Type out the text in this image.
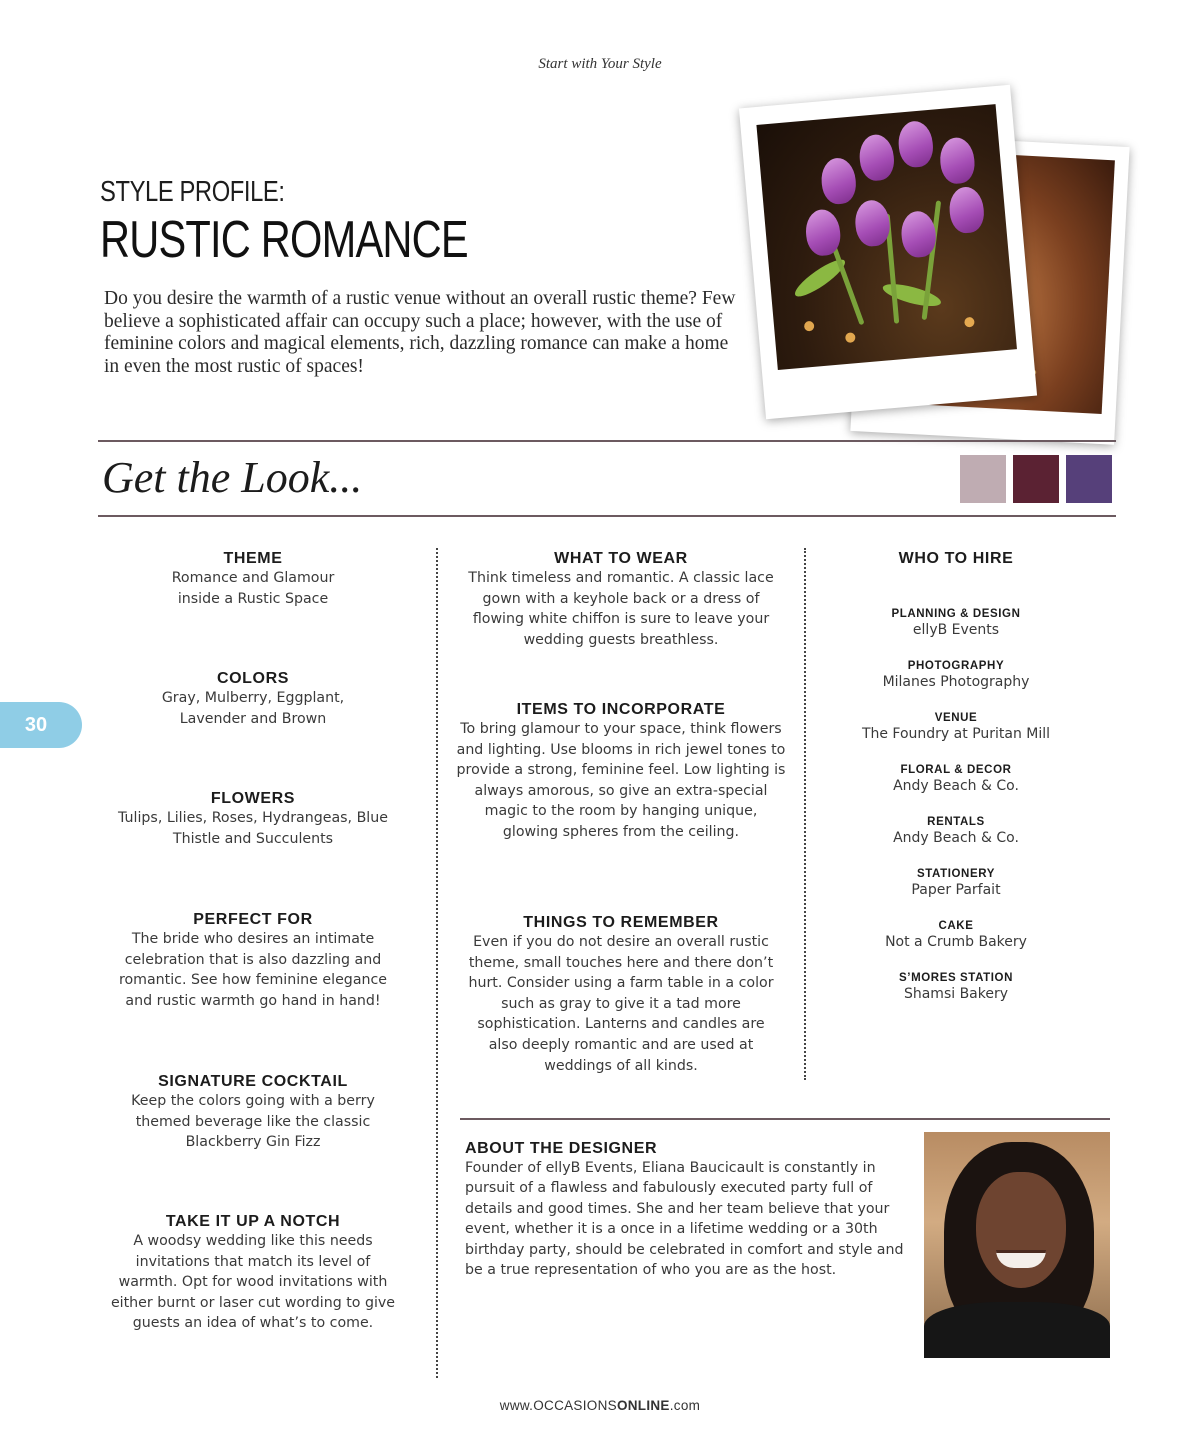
Start with Your Style
STYLE PROFILE:
RUSTIC ROMANCE

Do you desire the warmth of a rustic venue without an overall rustic theme? Few believe a sophisticated affair can occupy such a place; however, with the use of feminine colors and magical elements, rich, dazzling romance can make a home in even the most rustic of spaces!

Get the Look...
THEME

Romance and Glamour inside a Rustic Space

COLORS

Gray, Mulberry, Eggplant, Lavender and Brown

FLOWERS

Tulips, Lilies, Roses, Hydrangeas, Blue Thistle and Succulents

PERFECT FOR

The bride who desires an intimate celebration that is also dazzling and romantic. See how feminine elegance and rustic warmth go hand in hand!

SIGNATURE COCKTAIL

Keep the colors going with a berry themed beverage like the classic Blackberry Gin Fizz

TAKE IT UP A NOTCH

A woodsy wedding like this needs invitations that match its level of warmth. Opt for wood invitations with either burnt or laser cut wording to give guests an idea of what’s to come.

WHAT TO WEAR

Think timeless and romantic. A classic lace gown with a keyhole back or a dress of flowing white chiffon is sure to leave your wedding guests breathless.

ITEMS TO INCORPORATE

To bring glamour to your space, think flowers and lighting. Use blooms in rich jewel tones to provide a strong, feminine feel. Low lighting is always amorous, so give an extra-special magic to the room by hanging unique, glowing spheres from the ceiling.

THINGS TO REMEMBER

Even if you do not desire an overall rustic theme, small touches here and there don’t hurt. Consider using a farm table in a color such as gray to give it a tad more sophistication. Lanterns and candles are also deeply romantic and are used at weddings of all kinds.

WHO TO HIRE
PLANNING & DESIGN
ellyB Events
PHOTOGRAPHY
Milanes Photography
VENUE
The Foundry at Puritan Mill
FLORAL & DECOR
Andy Beach & Co.
RENTALS
Andy Beach & Co.
STATIONERY
Paper Parfait
CAKE
Not a Crumb Bakery
S’MORES STATION
Shamsi Bakery
30
ABOUT THE DESIGNER

Founder of ellyB Events, Eliana Baucicault is constantly in pursuit of a flawless and fabulously executed party full of details and good times. She and her team believe that your event, whether it is a once in a lifetime wedding or a 30th birthday party, should be celebrated in comfort and style and be a true representation of who you are as the host.

www.OCCASIONSONLINE.com
